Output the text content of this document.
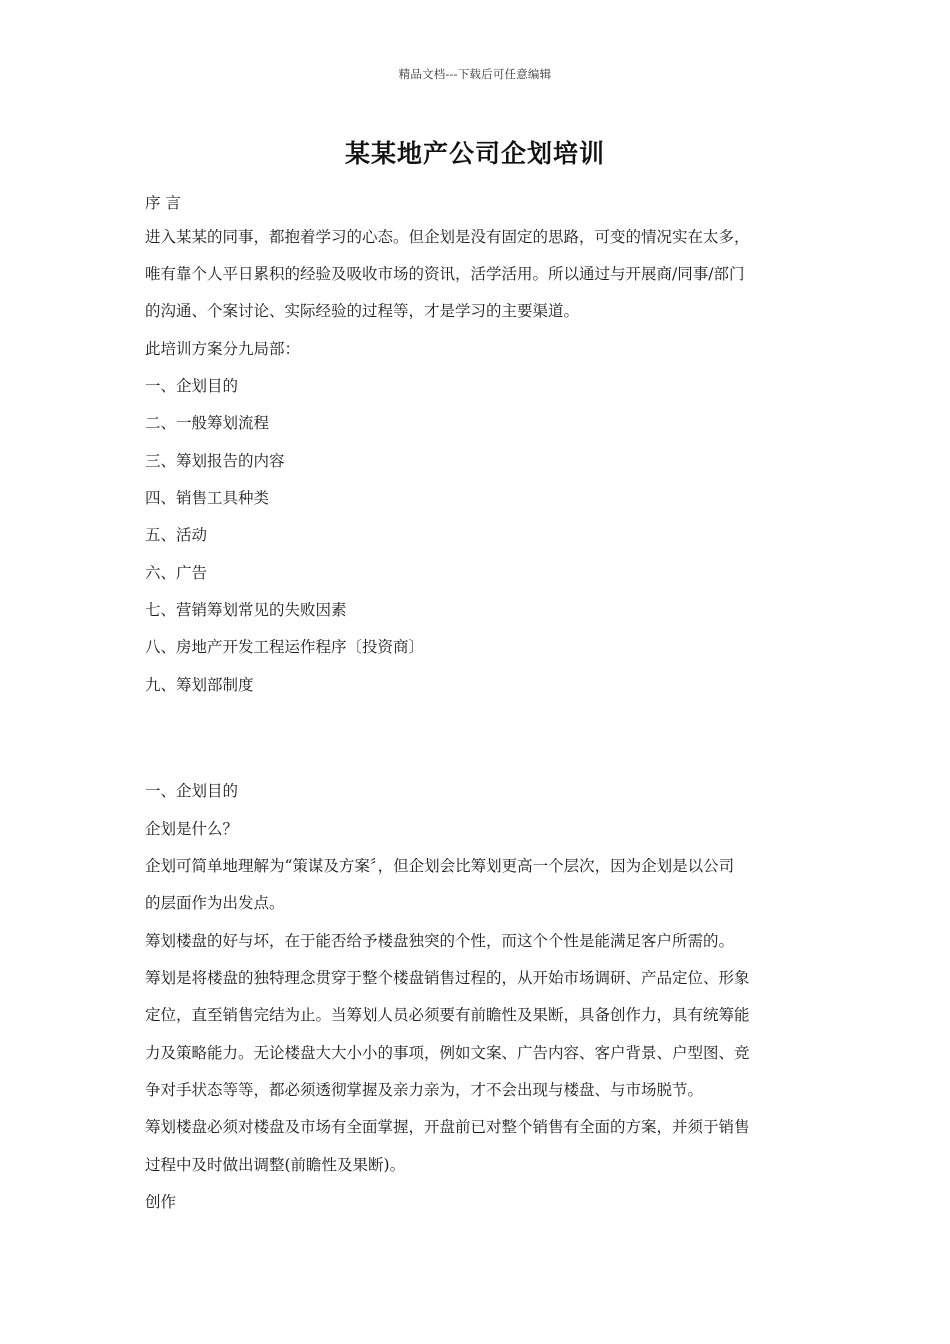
精品文档---下载后可任意编辑
某某地产公司企划培训
序 言
进入某某的同事，都抱着学习的心态。但企划是没有固定的思路，可变的情况实在太多，
唯有靠个人平日累积的经验及吸收市场的资讯，活学活用。所以通过与开展商/同事/部门
的沟通、个案讨论、实际经验的过程等，才是学习的主要渠道。
此培训方案分九局部：
一、企划目的
二、一般筹划流程
三、筹划报告的内容
四、销售工具种类
五、活动
六、广告
七、营销筹划常见的失败因素
八、房地产开发工程运作程序〔投资商〕
九、筹划部制度
一、企划目的
企划是什么？
企划可简单地理解为“策谋及方案〞，但企划会比筹划更高一个层次，因为企划是以公司
的层面作为出发点。
筹划楼盘的好与坏，在于能否给予楼盘独突的个性，而这个个性是能满足客户所需的。
筹划是将楼盘的独特理念贯穿于整个楼盘销售过程的，从开始市场调研、产品定位、形象
定位，直至销售完结为止。当筹划人员必须要有前瞻性及果断，具备创作力，具有统筹能
力及策略能力。无论楼盘大大小小的事项，例如文案、广告内容、客户背景、户型图、竞
争对手状态等等，都必须透彻掌握及亲力亲为，才不会出现与楼盘、与市场脱节。
筹划楼盘必须对楼盘及市场有全面掌握，开盘前已对整个销售有全面的方案，并须于销售
过程中及时做出调整(前瞻性及果断)。
创作
